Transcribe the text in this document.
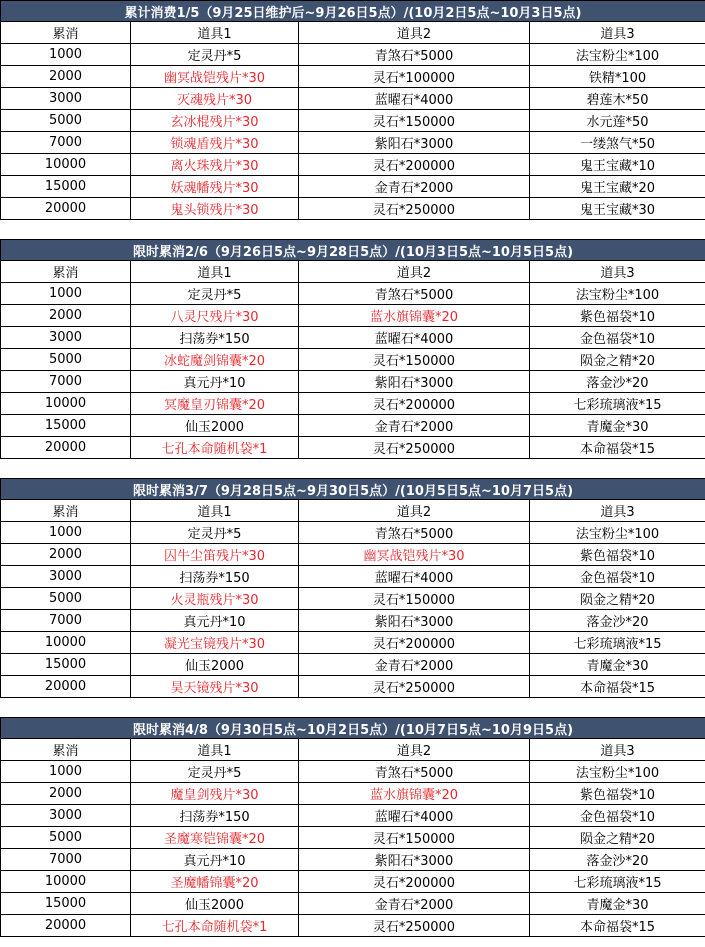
累计消费1/5（9月25日维护后~9月26日5点）/(10月2日5点~10月3日5点)			
累消	道具1	道具2	道具3
1000	定灵丹*5	青煞石*5000	法宝粉尘*100
2000	幽冥战铠残片*30	灵石*100000	铁精*100
3000	灭魂残片*30	蓝曜石*4000	碧莲木*50
5000	玄冰棍残片*30	灵石*150000	水元莲*50
7000	锁魂盾残片*30	紫阳石*3000	一缕煞气*50
10000	离火珠残片*30	灵石*200000	鬼王宝藏*10
15000	妖魂幡残片*30	金青石*2000	鬼王宝藏*20
20000	鬼头锁残片*30	灵石*250000	鬼王宝藏*30
限时累消2/6（9月26日5点~9月28日5点）/(10月3日5点~10月5日5点)			
累消	道具1	道具2	道具3
1000	定灵丹*5	青煞石*5000	法宝粉尘*100
2000	八灵尺残片*30	蓝水旗锦囊*20	紫色福袋*10
3000	扫荡券*150	蓝曜石*4000	金色福袋*10
5000	冰蛇魔剑锦囊*20	灵石*150000	陨金之精*20
7000	真元丹*10	紫阳石*3000	落金沙*20
10000	冥魔皇刃锦囊*20	灵石*200000	七彩琉璃液*15
15000	仙玉2000	金青石*2000	青魔金*30
20000	七孔本命随机袋*1	灵石*250000	本命福袋*15
限时累消3/7（9月28日5点~9月30日5点）/(10月5日5点~10月7日5点)			
累消	道具1	道具2	道具3
1000	定灵丹*5	青煞石*5000	法宝粉尘*100
2000	囚牛尘笛残片*30	幽冥战铠残片*30	紫色福袋*10
3000	扫荡券*150	蓝曜石*4000	金色福袋*10
5000	火灵瓶残片*30	灵石*150000	陨金之精*20
7000	真元丹*10	紫阳石*3000	落金沙*20
10000	凝光宝镜残片*30	灵石*200000	七彩琉璃液*15
15000	仙玉2000	金青石*2000	青魔金*30
20000	昊天镜残片*30	灵石*250000	本命福袋*15
限时累消4/8（9月30日5点~10月2日5点）/(10月7日5点~10月9日5点)			
累消	道具1	道具2	道具3
1000	定灵丹*5	青煞石*5000	法宝粉尘*100
2000	魔皇剑残片*30	蓝水旗锦囊*20	紫色福袋*10
3000	扫荡券*150	蓝曜石*4000	金色福袋*10
5000	圣魔寒铠锦囊*20	灵石*150000	陨金之精*20
7000	真元丹*10	紫阳石*3000	落金沙*20
10000	圣魔幡锦囊*20	灵石*200000	七彩琉璃液*15
15000	仙玉2000	金青石*2000	青魔金*30
20000	七孔本命随机袋*1	灵石*250000	本命福袋*15
